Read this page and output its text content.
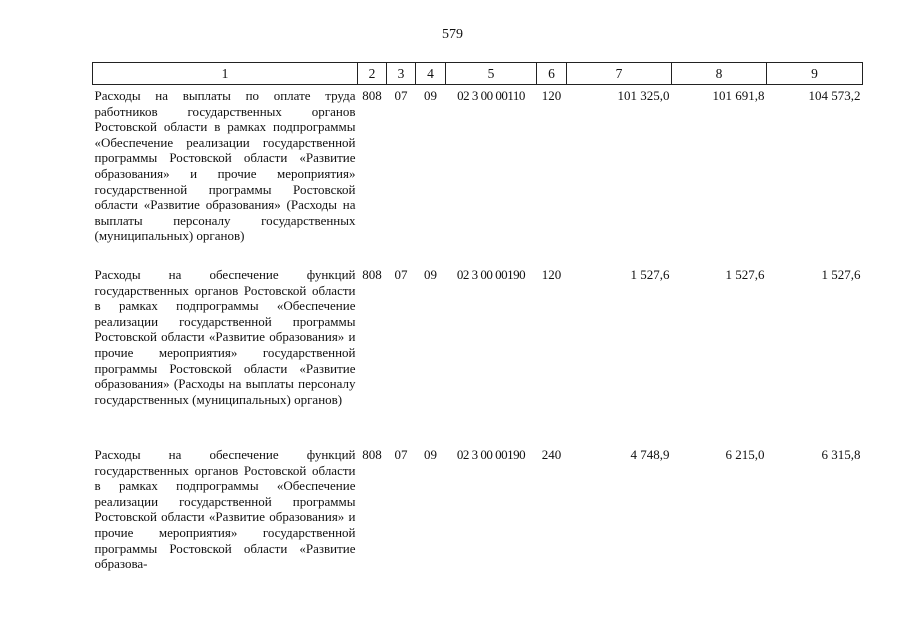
579
1	2	3	4	5	6	7	8	9
Расходы на выплаты по оплате труда работников государственных органов Ростовской области в рамках подпрограммы «Обеспечение реализации государственной программы Ростовской области «Развитие образования» и прочие мероприятия» государственной программы Ростовской области «Развитие образования» (Расходы на выплаты персоналу государственных (муниципальных) органов)	808	07	09	02 3 00 00110	120	101 325,0	101 691,8	104 573,2
Расходы на обеспечение функций государственных органов Ростовской области в рамках подпрограммы «Обеспечение реализации государственной программы Ростовской области «Развитие образования» и прочие мероприятия» государственной программы Ростовской области «Развитие образования» (Расходы на выплаты персоналу государственных (муниципальных) органов)	808	07	09	02 3 00 00190	120	1 527,6	1 527,6	1 527,6
Расходы на обеспечение функций государственных органов Ростовской области в рамках подпрограммы «Обеспечение реализации государственной программы Ростовской области «Развитие образования» и прочие мероприятия» государственной программы Ростовской области «Развитие образова-	808	07	09	02 3 00 00190	240	4 748,9	6 215,0	6 315,8
